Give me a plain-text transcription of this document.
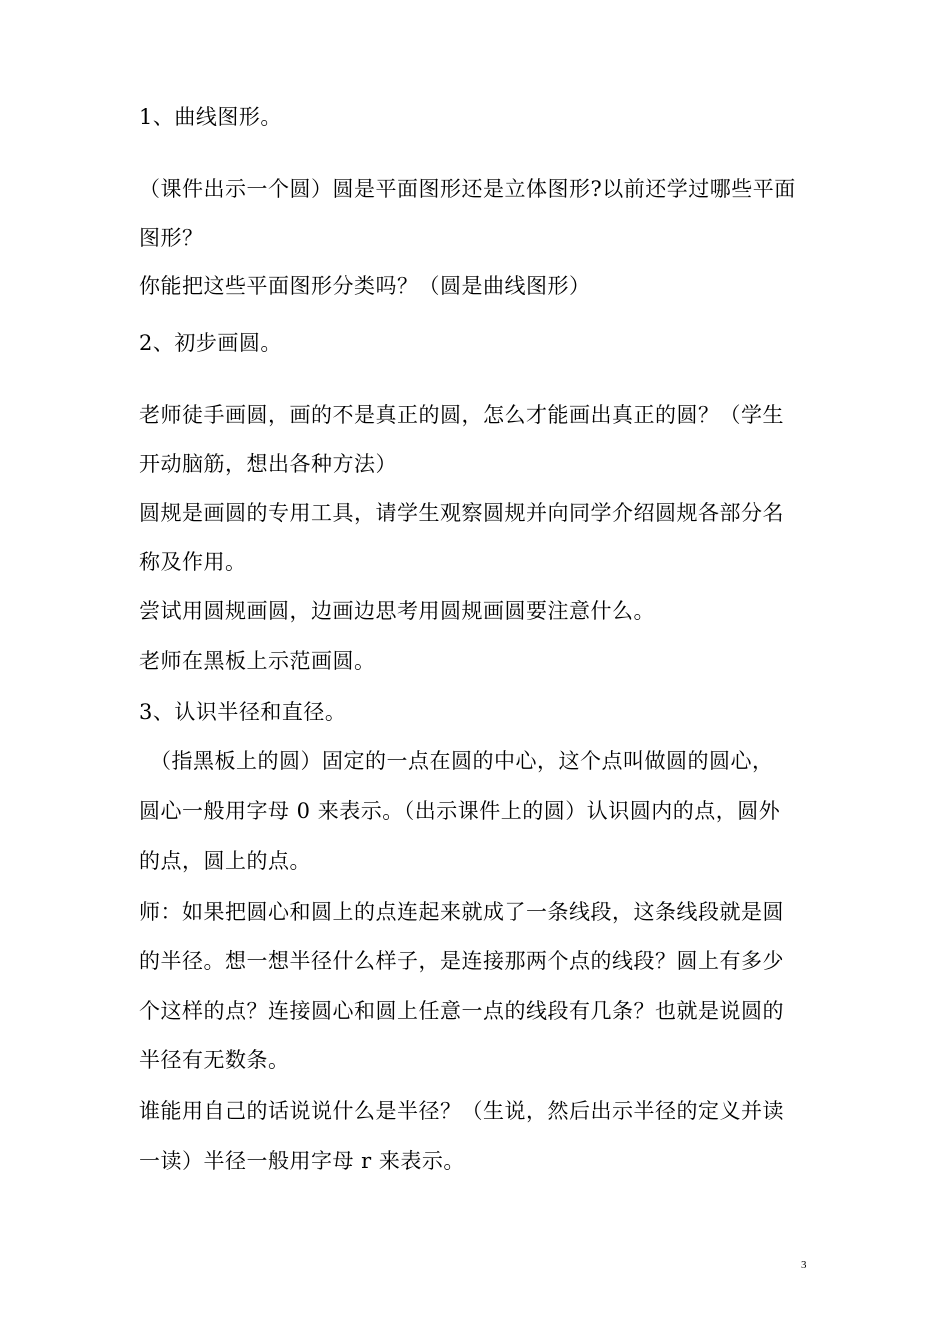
1、曲线图形。
（课件出示一个圆）圆是平面图形还是立体图形?以前还学过哪些平面
图形？
你能把这些平面图形分类吗？（圆是曲线图形）
2、初步画圆。
老师徒手画圆，画的不是真正的圆，怎么才能画出真正的圆？（学生
开动脑筋，想出各种方法）
圆规是画圆的专用工具，请学生观察圆规并向同学介绍圆规各部分名
称及作用。
尝试用圆规画圆，边画边思考用圆规画圆要注意什么。
老师在黑板上示范画圆。
3、认识半径和直径。
（指黑板上的圆）固定的一点在圆的中心，这个点叫做圆的圆心，
圆心一般用字母 0 来表示。（出示课件上的圆）认识圆内的点，圆外
的点，圆上的点。
师：如果把圆心和圆上的点连起来就成了一条线段，这条线段就是圆
的半径。想一想半径什么样子，是连接那两个点的线段？圆上有多少
个这样的点？连接圆心和圆上任意一点的线段有几条？也就是说圆的
半径有无数条。
谁能用自己的话说说什么是半径？（生说，然后出示半径的定义并读
一读）半径一般用字母 r 来表示。
3
